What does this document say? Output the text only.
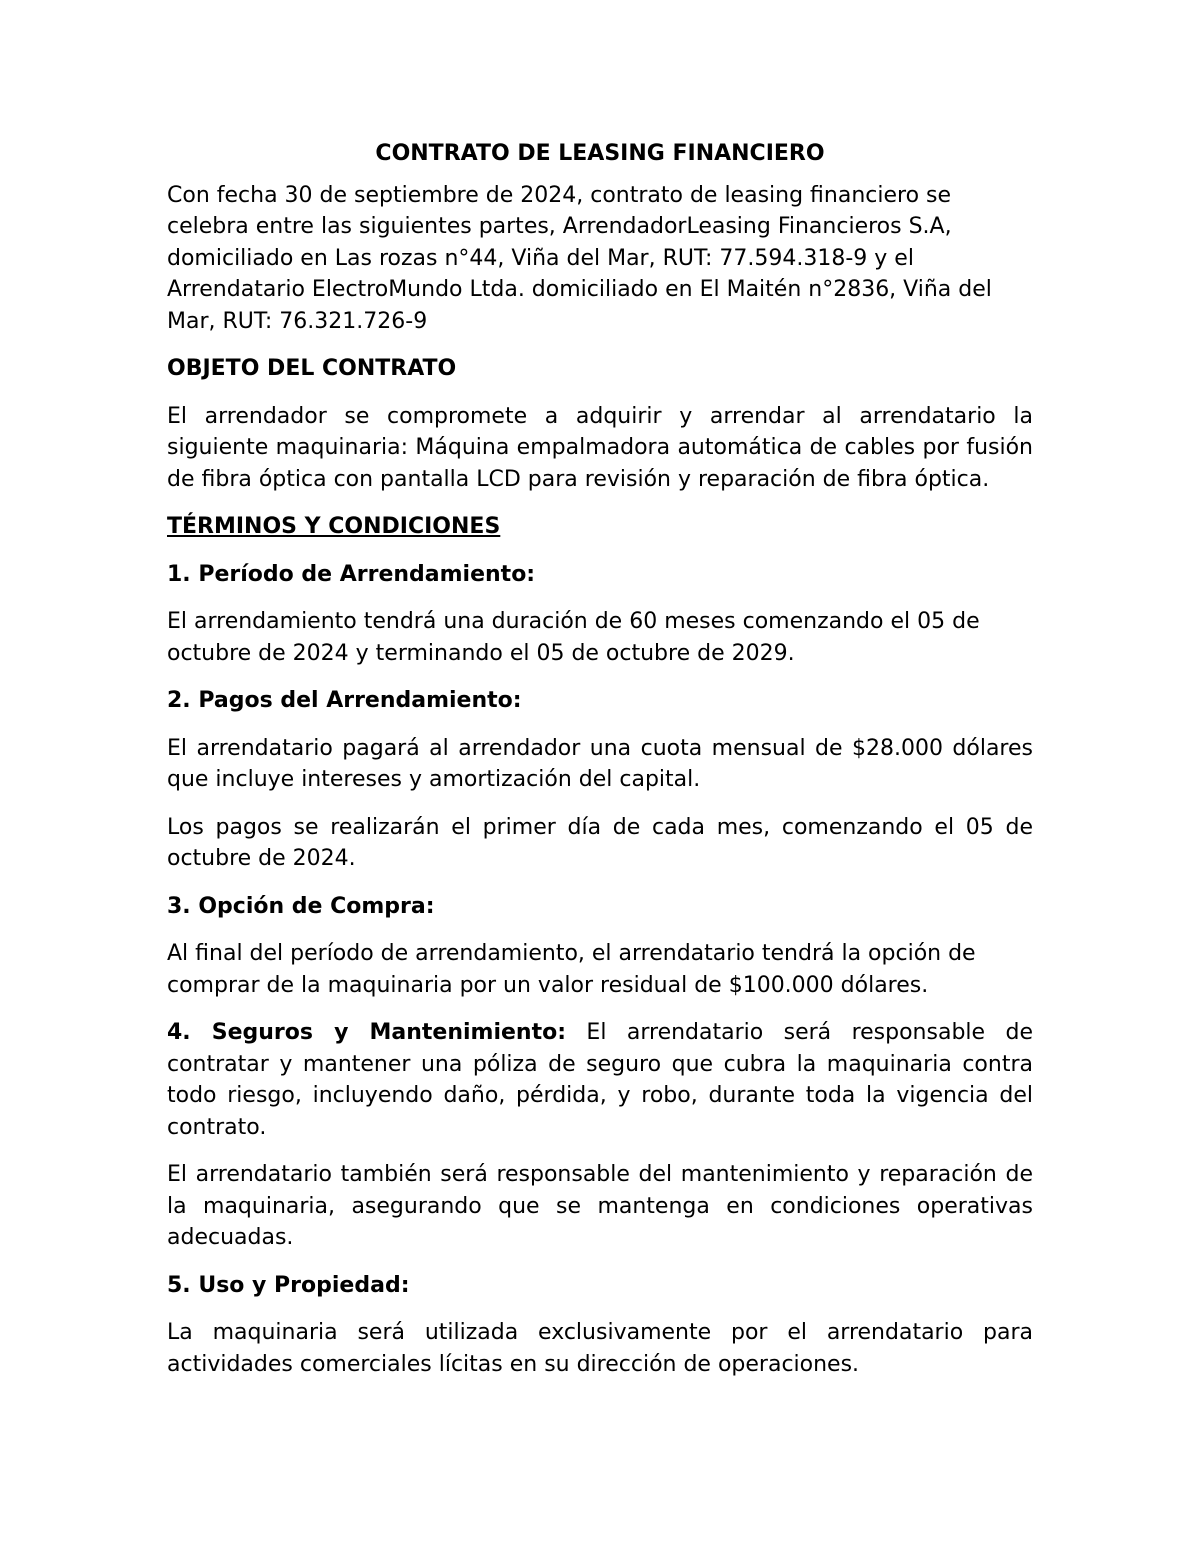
CONTRATO DE LEASING FINANCIERO

Con fecha 30 de septiembre de 2024, contrato de leasing financiero se celebra entre las siguientes partes, ArrendadorLeasing Financieros S.A, domiciliado en Las rozas n°44, Viña del Mar, RUT: 77.594.318-9 y el Arrendatario ElectroMundo Ltda. domiciliado en El Maitén n°2836, Viña del Mar, RUT: 76.321.726-9

OBJETO DEL CONTRATO

El arrendador se compromete a adquirir y arrendar al arrendatario la siguiente maquinaria: Máquina empalmadora automática de cables por fusión de fibra óptica con pantalla LCD para revisión y reparación de fibra óptica.

TÉRMINOS Y CONDICIONES

1. Período de Arrendamiento:

El arrendamiento tendrá una duración de 60 meses comenzando el 05 de octubre de 2024 y terminando el 05 de octubre de 2029.

2. Pagos del Arrendamiento:

El arrendatario pagará al arrendador una cuota mensual de $28.000 dólares que incluye intereses y amortización del capital.

Los pagos se realizarán el primer día de cada mes, comenzando el 05 de octubre de 2024.

3. Opción de Compra:

Al final del período de arrendamiento, el arrendatario tendrá la opción de comprar de la maquinaria por un valor residual de $100.000 dólares.

4. Seguros y Mantenimiento: El arrendatario será responsable de contratar y mantener una póliza de seguro que cubra la maquinaria contra todo riesgo, incluyendo daño, pérdida, y robo, durante toda la vigencia del contrato.

El arrendatario también será responsable del mantenimiento y reparación de la maquinaria, asegurando que se mantenga en condiciones operativas adecuadas.

5. Uso y Propiedad:

La maquinaria será utilizada exclusivamente por el arrendatario para actividades comerciales lícitas en su dirección de operaciones.
